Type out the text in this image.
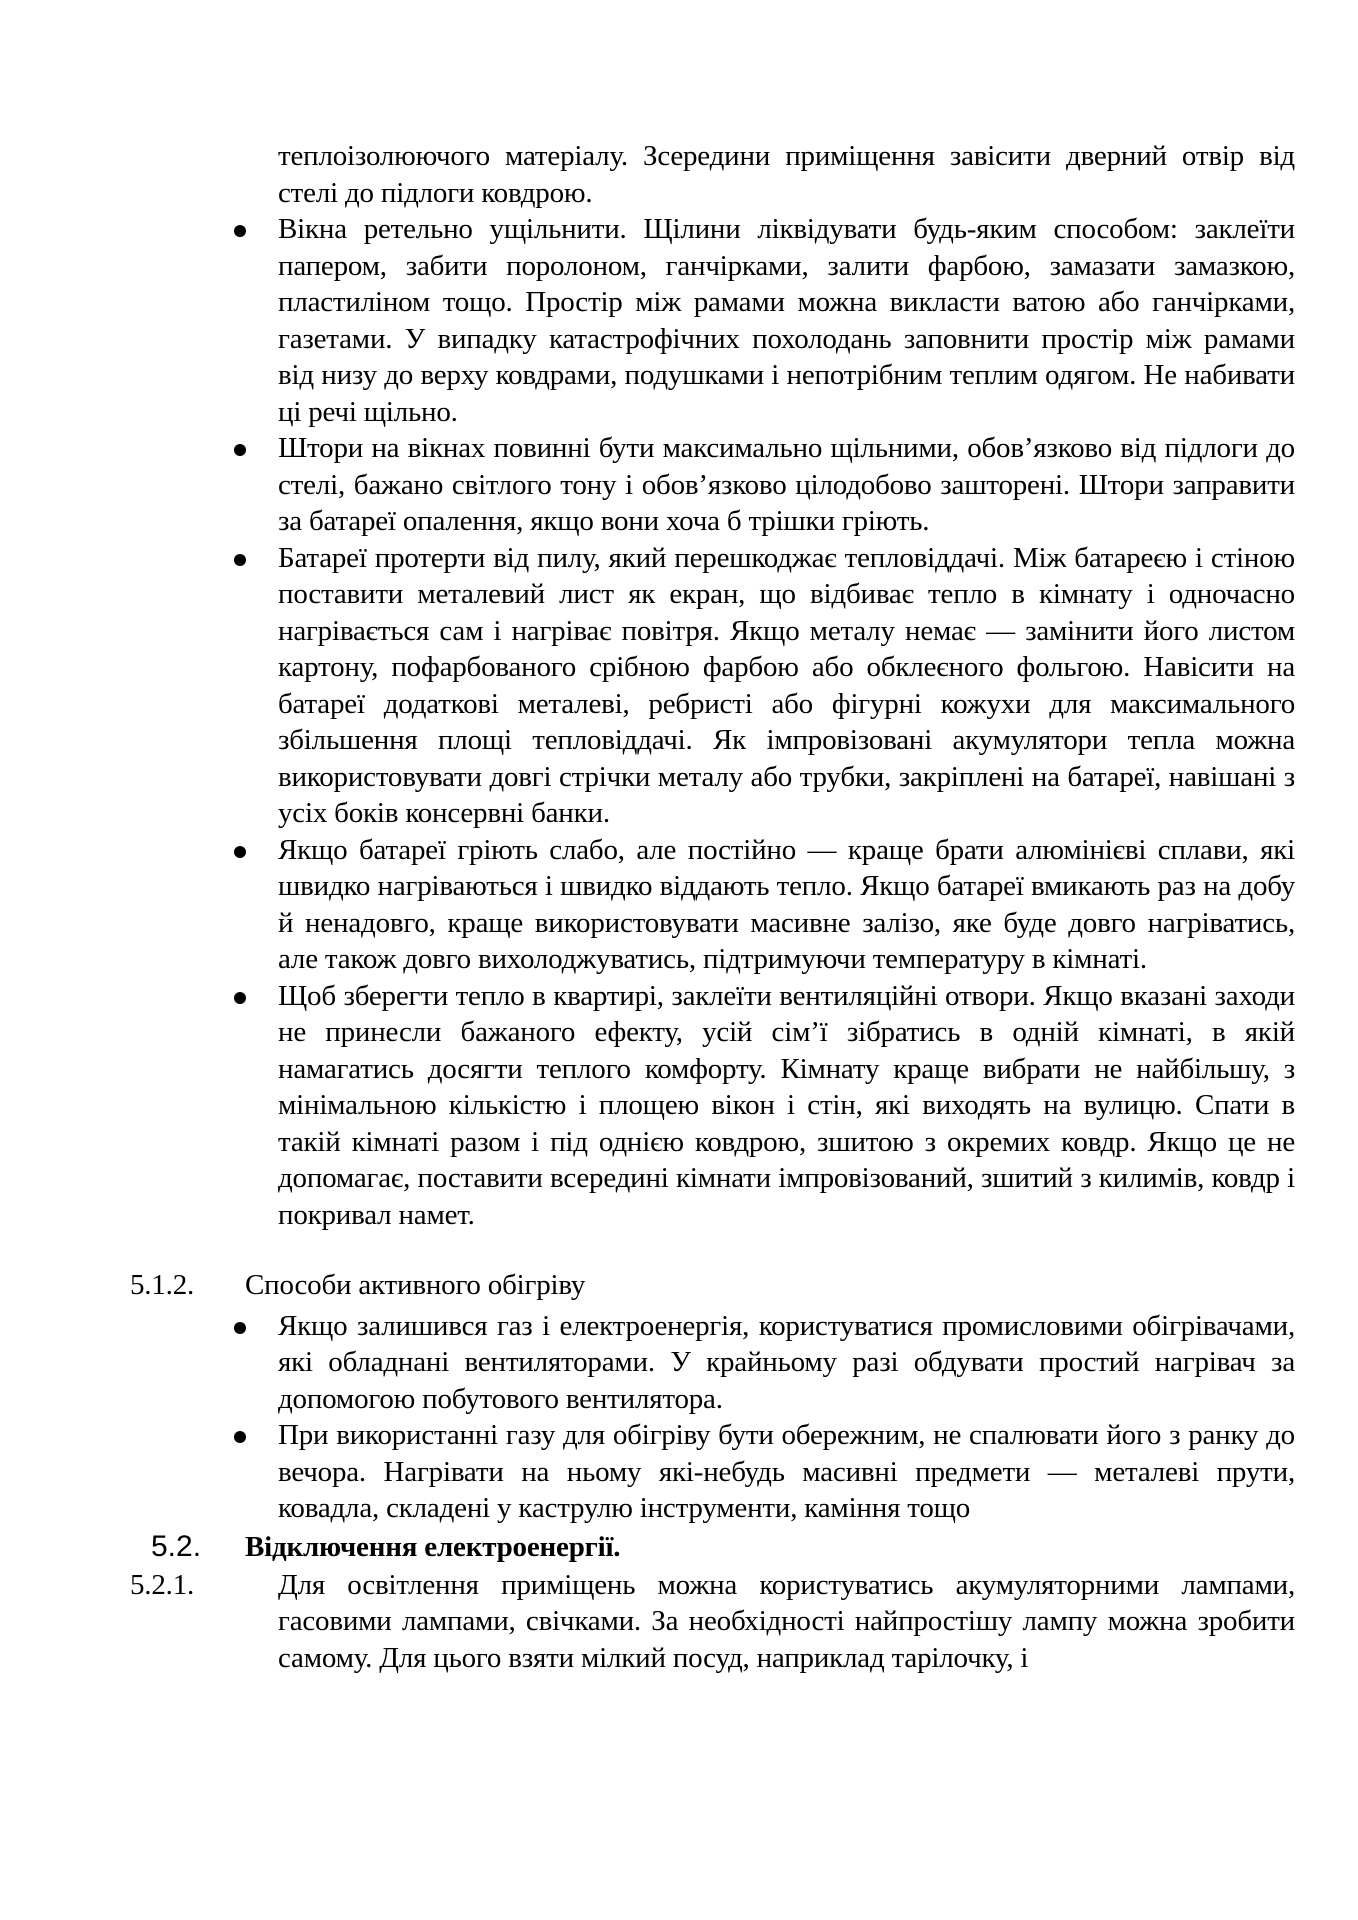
теплоізолюючого матеріалу. Зсередини приміщення завісити дверний отвір від стелі до підлоги ковдрою.
Вікна ретельно ущільнити. Щілини ліквідувати будь-яким способом: заклеїти папером, забити поролоном, ганчірками, залити фарбою, замазати замазкою, пластиліном тощо. Простір між рамами можна викласти ватою або ганчірками, газетами. У випадку катастрофічних похолодань заповнити простір між рамами від низу до верху ковдрами, подушками і непотрібним теплим одягом. Не набивати ці речі щільно.
Штори на вікнах повинні бути максимально щільними, обов’язково від підлоги до стелі, бажано світлого тону і обов’язково цілодобово зашторені. Штори заправити за батареї опалення, якщо вони хоча б трішки гріють.
Батареї протерти від пилу, який перешкоджає тепловіддачі. Між батареєю і стіною поставити металевий лист як екран, що відбиває тепло в кімнату і одночасно нагрівається сам і нагріває повітря. Якщо металу немає — замінити його листом картону, пофарбованого срібною фарбою або обклеєного фольгою. Навісити на батареї додаткові металеві, ребристі або фігурні кожухи для максимального збільшення площі тепловіддачі. Як імпровізовані акумулятори тепла можна використовувати довгі стрічки металу або трубки, закріплені на батареї, навішані з усіх боків консервні банки.
Якщо батареї гріють слабо, але постійно — краще брати алюмінієві сплави, які швидко нагріваються і швидко віддають тепло. Якщо батареї вмикають раз на добу й ненадовго, краще використовувати масивне залізо, яке буде довго нагріватись, але також довго вихолоджуватись, підтримуючи температуру в кімнаті.
Щоб зберегти тепло в квартирі, заклеїти вентиляційні отвори. Якщо вказані заходи не принесли бажаного ефекту, усій сім’ї зібратись в одній кімнаті, в якій намагатись досягти теплого комфорту. Кімнату краще вибрати не найбільшу, з мінімальною кількістю і площею вікон і стін, які виходять на вулицю. Спати в такій кімнаті разом і під однією ковдрою, зшитою з окремих ковдр. Якщо це не допомагає, поставити всередині кімнати імпровізований, зшитий з килимів, ковдр і покривал намет.
5.1.2. Способи активного обігріву
Якщо залишився газ і електроенергія, користуватися промисловими обігрівачами, які обладнані вентиляторами. У крайньому разі обдувати простий нагрівач за допомогою побутового вентилятора.
При використанні газу для обігріву бути обережним, не спалювати його з ранку до вечора. Нагрівати на ньому які-небудь масивні предмети — металеві прути, ковадла, складені у каструлю інструменти, каміння тощо
5.2. Відключення електроенергії.
5.2.1.	Для освітлення приміщень можна користуватись акумуляторними лампами, гасовими лампами, свічками. За необхідності найпростішу лампу можна зробити самому. Для цього взяти мілкий посуд, наприклад тарілочку, і
